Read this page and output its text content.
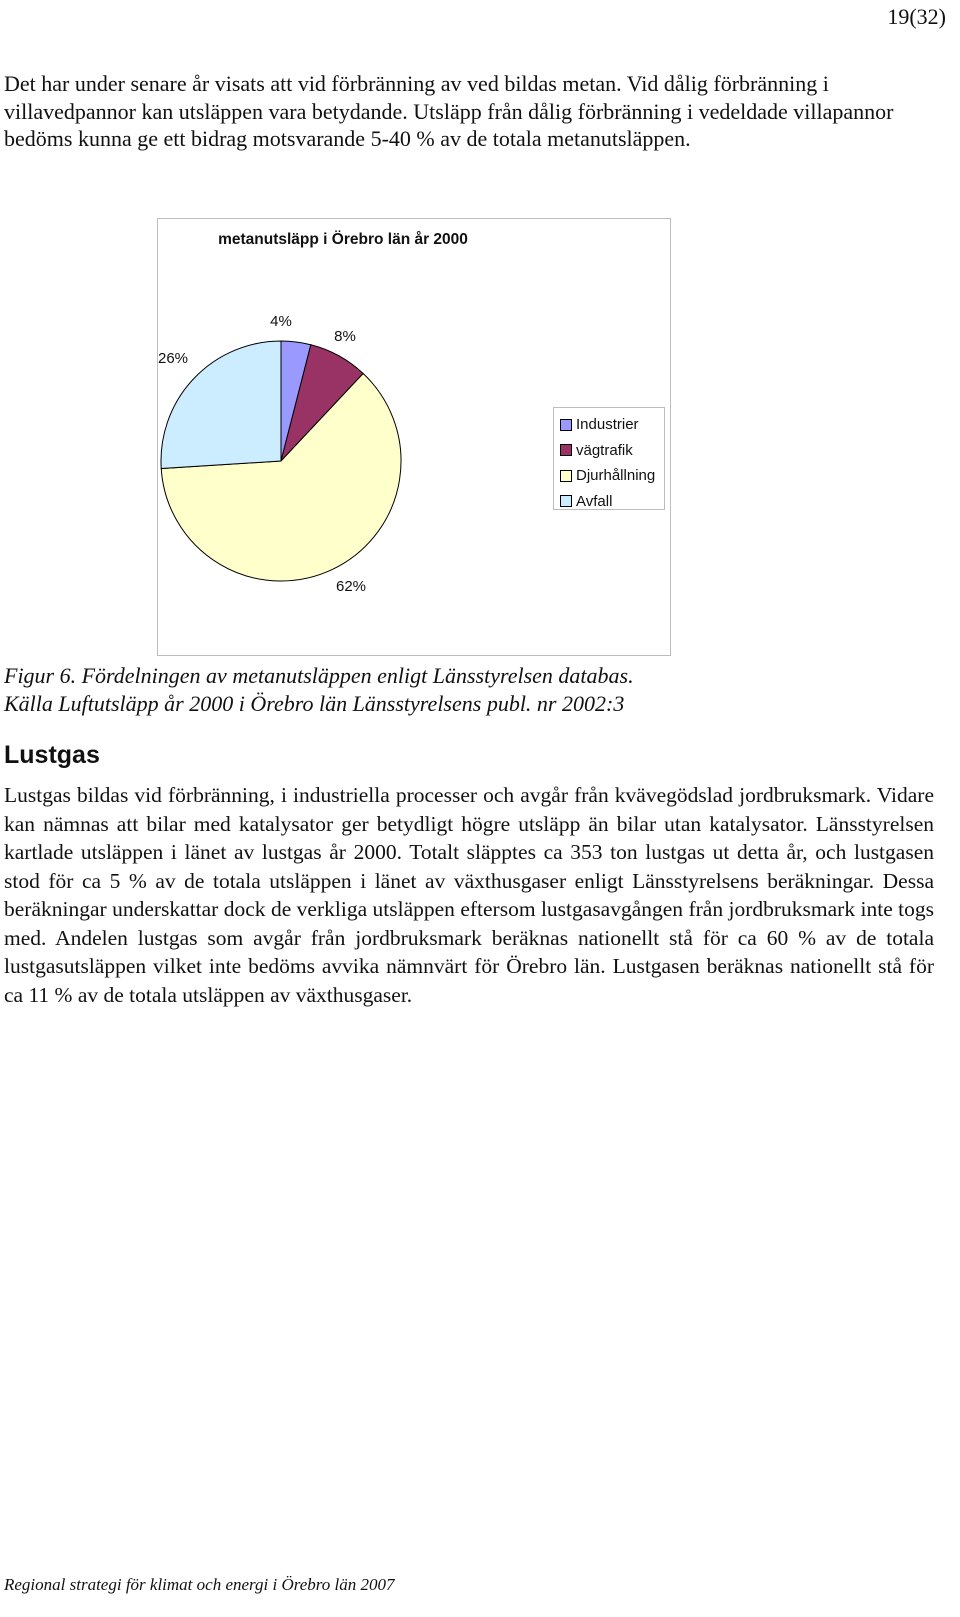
19(32)

Det har under senare år visats att vid förbränning av ved bildas metan. Vid dålig förbränning i villavedpannor kan utsläppen vara betydande. Utsläpp från dålig förbränning i vedeldade villapannor bedöms kunna ge ett bidrag motsvarande 5-40 % av de totala metanutsläppen.

metanutsläpp i Örebro län år 2000
4%
8%
62%
26%
Industrier
vägtrafik
Djurhållning
Avfall

Figur 6. Fördelningen av metanutsläppen enligt Länsstyrelsen databas.
Källa Luftutsläpp år 2000 i Örebro län Länsstyrelsens publ. nr 2002:3

Lustgas

Lustgas bildas vid förbränning, i industriella processer och avgår från kvävegödslad jordbruksmark. Vidare kan nämnas att bilar med katalysator ger betydligt högre utsläpp än bilar utan katalysator. Länsstyrelsen kartlade utsläppen i länet av lustgas år 2000. Totalt släpptes ca 353 ton lustgas ut detta år, och lustgasen stod för ca 5 % av de totala utsläppen i länet av växthusgaser enligt Länsstyrelsens beräkningar. Dessa beräkningar underskattar dock de verkliga utsläppen eftersom lustgasavgången från jordbruksmark inte togs med. Andelen lustgas som avgår från jordbruksmark beräknas nationellt stå för ca 60 % av de totala lustgasutsläppen vilket inte bedöms avvika nämnvärt för Örebro län. Lustgasen beräknas nationellt stå för ca 11 % av de totala utsläppen av växthusgaser.

Regional strategi för klimat och energi i Örebro län 2007
